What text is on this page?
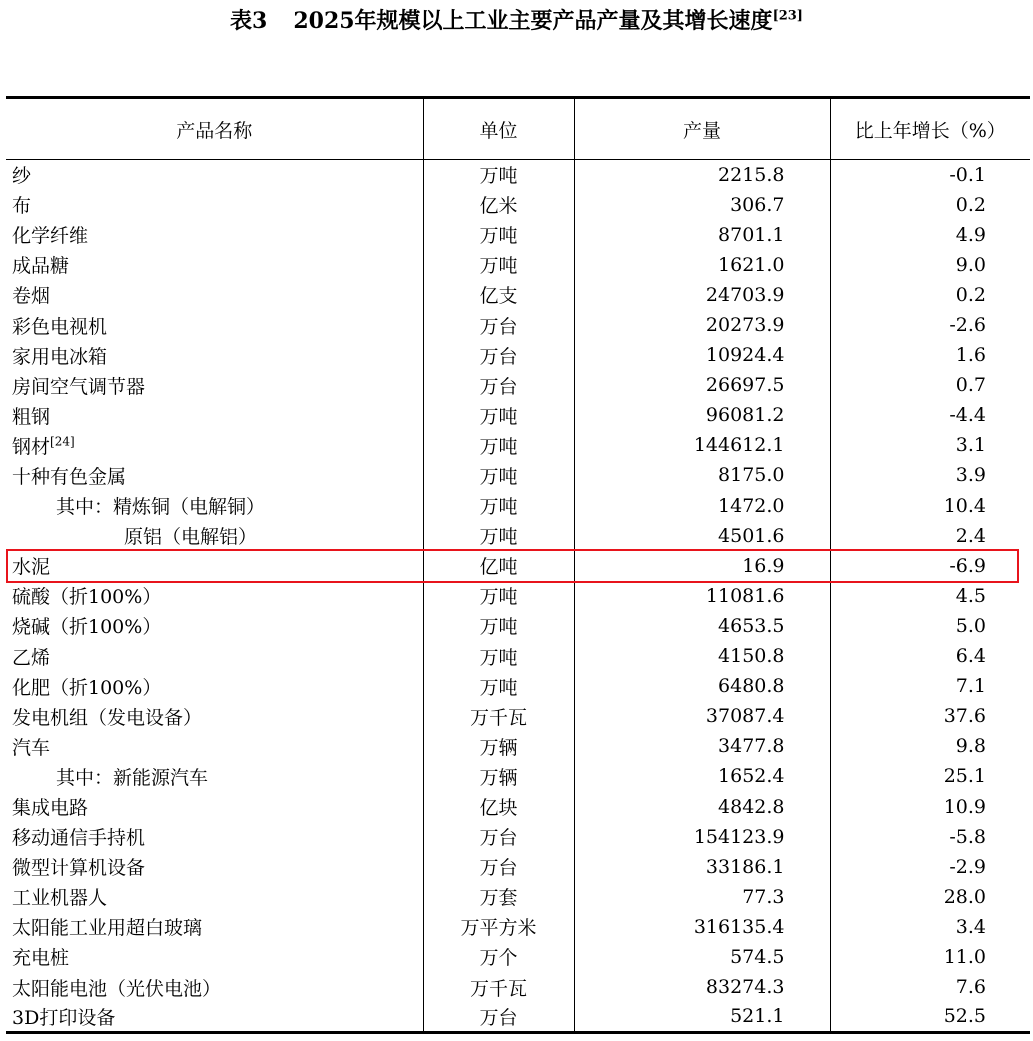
表3 2025年规模以上工业主要产品产量及其增长速度[23]
产品名称	单位	产量	比上年增长（%）
纱	万吨	2215.8	-0.1
布	亿米	306.7	0.2
化学纤维	万吨	8701.1	4.9
成品糖	万吨	1621.0	9.0
卷烟	亿支	24703.9	0.2
彩色电视机	万台	20273.9	-2.6
家用电冰箱	万台	10924.4	1.6
房间空气调节器	万台	26697.5	0.7
粗钢	万吨	96081.2	-4.4
钢材[24]	万吨	144612.1	3.1
十种有色金属	万吨	8175.0	3.9
其中：精炼铜（电解铜）	万吨	1472.0	10.4
原铝（电解铝）	万吨	4501.6	2.4
水泥	亿吨	16.9	-6.9
硫酸（折100%）	万吨	11081.6	4.5
烧碱（折100%）	万吨	4653.5	5.0
乙烯	万吨	4150.8	6.4
化肥（折100%）	万吨	6480.8	7.1
发电机组（发电设备）	万千瓦	37087.4	37.6
汽车	万辆	3477.8	9.8
其中：新能源汽车	万辆	1652.4	25.1
集成电路	亿块	4842.8	10.9
移动通信手持机	万台	154123.9	-5.8
微型计算机设备	万台	33186.1	-2.9
工业机器人	万套	77.3	28.0
太阳能工业用超白玻璃	万平方米	316135.4	3.4
充电桩	万个	574.5	11.0
太阳能电池（光伏电池）	万千瓦	83274.3	7.6
3D打印设备	万台	521.1	52.5
